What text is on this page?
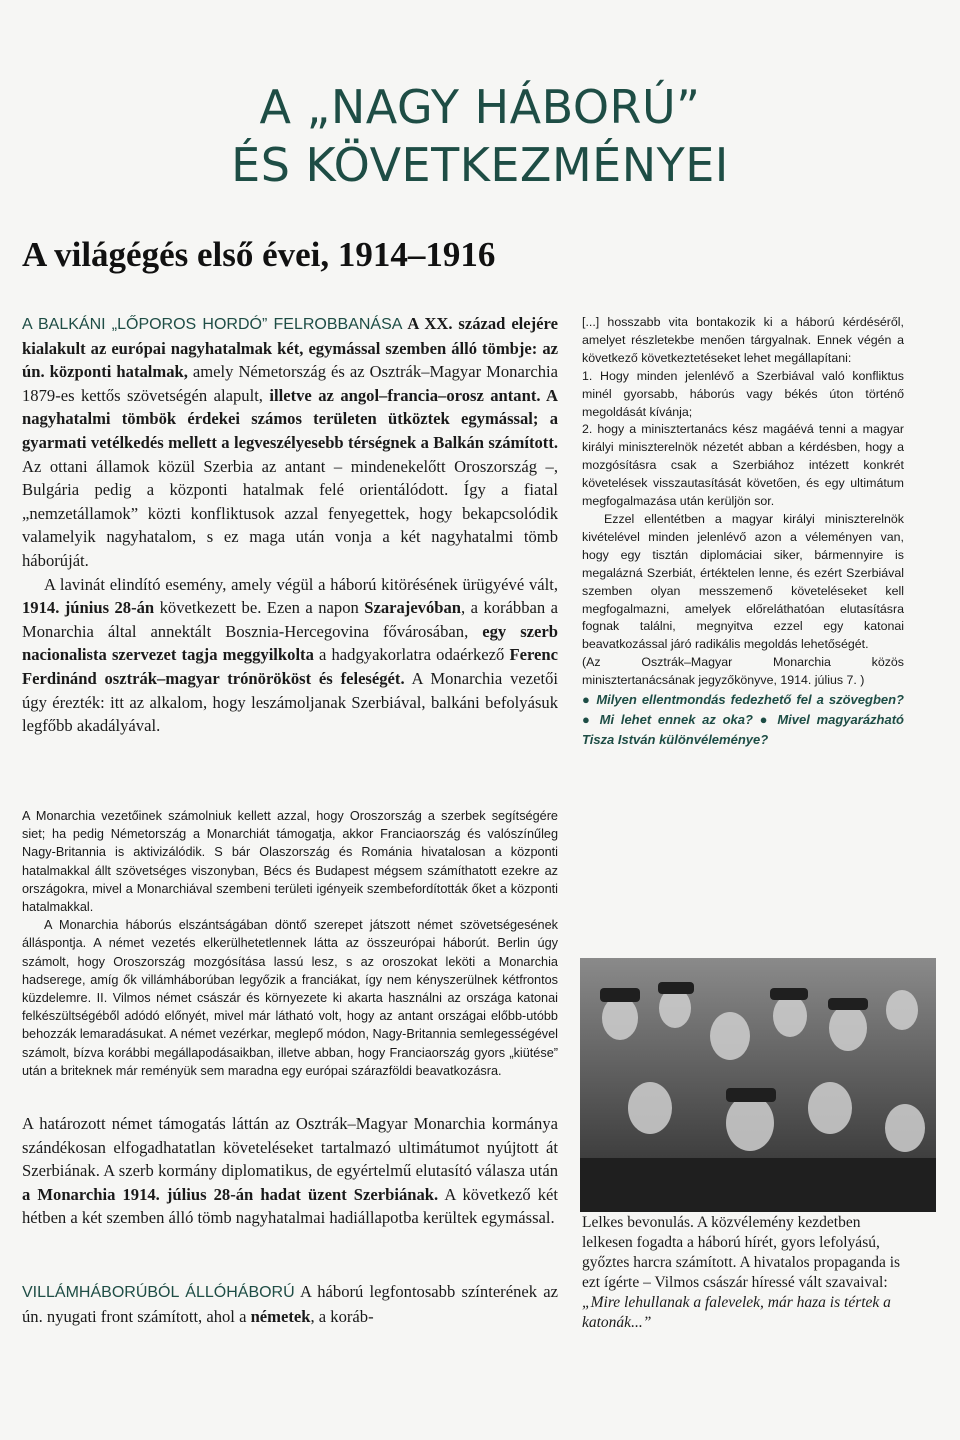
A „NAGY HÁBORÚ”
ÉS KÖVETKEZMÉNYEI
A világégés első évei, 1914–1916

A BALKÁNI „LŐPOROS HORDÓ” FELROBBANÁSA A XX. század elejére kialakult az európai nagyhatalmak két, egymással szemben álló tömbje: az ún. központi hatalmak, amely Németország és az Osztrák–Magyar Monarchia 1879-es kettős szövetségén alapult, illetve az angol–francia–orosz antant. A nagyhatalmi tömbök érdekei számos területen ütköztek egymással; a gyarmati vetélkedés mellett a legveszélyesebb térségnek a Balkán számított. Az ottani államok közül Szerbia az antant – mindenekelőtt Oroszország –, Bulgária pedig a központi hatalmak felé orientálódott. Így a fiatal „nemzetállamok” közti konfliktusok azzal fenyegettek, hogy bekapcsolódik valamelyik nagyhatalom, s ez maga után vonja a két nagyhatalmi tömb háborúját.

A lavinát elindító esemény, amely végül a háború kitörésének ürügyévé vált, 1914. június 28-án következett be. Ezen a napon Szarajevóban, a korábban a Monarchia által annektált Bosznia-Hercegovina fővárosában, egy szerb nacionalista szervezet tagja meggyilkolta a hadgyakorlatra odaérkező Ferenc Ferdinánd osztrák–magyar trónörököst és feleségét. A Monarchia vezetői úgy érezték: itt az alkalom, hogy leszámoljanak Szerbiával, balkáni befolyásuk legfőbb akadályával.

[...] hosszabb vita bontakozik ki a háború kérdéséről, amelyet részletekbe menően tárgyalnak. Ennek végén a következő következtetéseket lehet megállapítani:

1. Hogy minden jelenlévő a Szerbiával való konfliktus minél gyorsabb, háborús vagy békés úton történő megoldását kívánja;

2. hogy a minisztertanács kész magáévá tenni a magyar királyi miniszterelnök nézetét abban a kérdésben, hogy a mozgósításra csak a Szerbiához intézett konkrét követelések visszautasítását követően, és egy ultimátum megfogalmazása után kerüljön sor.

Ezzel ellentétben a magyar királyi miniszterelnök kivételével minden jelenlévő azon a véleményen van, hogy egy tisztán diplomáciai siker, bármennyire is megalázná Szerbiát, értéktelen lenne, és ezért Szerbiával szemben olyan messzemenő követeléseket kell megfogalmazni, amelyek előreláthatóan elutasításra fognak találni, megnyitva ezzel egy katonai beavatkozással járó radikális megoldás lehetőségét.

(Az Osztrák–Magyar Monarchia közös minisztertanácsának jegyzőkönyve, 1914. július 7. )

● Milyen ellentmondás fedezhető fel a szövegben? ● Mi lehet ennek az oka? ● Mivel magyarázható Tisza István különvéleménye?

A Monarchia vezetőinek számolniuk kellett azzal, hogy Oroszország a szerbek segítségére siet; ha pedig Németország a Monarchiát támogatja, akkor Franciaország és valószínűleg Nagy-Britannia is aktivizálódik. S bár Olaszország és Románia hivatalosan a központi hatalmakkal állt szövetséges viszonyban, Bécs és Budapest mégsem számíthatott ezekre az országokra, mivel a Monarchiával szembeni területi igényeik szembefordították őket a központi hatalmakkal.

A Monarchia háborús elszántságában döntő szerepet játszott német szövetségesének álláspontja. A német vezetés elkerülhetetlennek látta az összeurópai háborút. Berlin úgy számolt, hogy Oroszország mozgósítása lassú lesz, s az oroszokat leköti a Monarchia hadserege, amíg ők villámháborúban legyőzik a franciákat, így nem kényszerülnek kétfrontos küzdelemre. II. Vilmos német császár és környezete ki akarta használni az országa katonai felkészültségéből adódó előnyét, mivel már látható volt, hogy az antant országai előbb-utóbb behozzák lemaradásukat. A német vezérkar, meglepő módon, Nagy-Britannia semlegességével számolt, bízva korábbi megállapodásaikban, illetve abban, hogy Franciaország gyors „kiütése” után a briteknek már reményük sem maradna egy európai szárazföldi beavatkozásra.

A határozott német támogatás láttán az Osztrák–Magyar Monarchia kormánya szándékosan elfogadhatatlan követeléseket tartalmazó ultimátumot nyújtott át Szerbiának. A szerb kormány diplomatikus, de egyértelmű elutasító válasza után a Monarchia 1914. július 28-án hadat üzent Szerbiának. A következő két hétben a két szemben álló tömb nagyhatalmai hadiállapotba kerültek egymással.

VILLÁMHÁBORÚBÓL ÁLLÓHÁBORÚ A háború legfontosabb színterének az ún. nyugati front számított, ahol a németek, a koráb-

Lelkes bevonulás. A közvélemény kezdetben lelkesen fogadta a háború hírét, gyors lefolyású, győztes harcra számított. A hivatalos propaganda is ezt ígérte – Vilmos császár híressé vált szavaival: „Mire lehullanak a falevelek, már haza is tértek a katonák...”
